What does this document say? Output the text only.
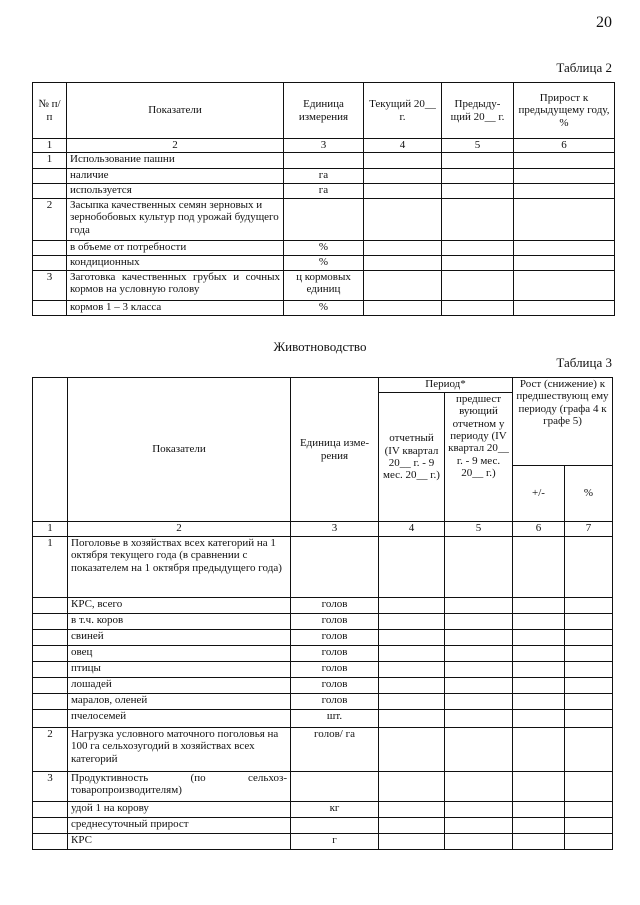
20
Таблица 2
№ п/п	Показатели	Единица измерения	Текущий 20__ г.	Предыду-щий 20__ г.	Прирост к предыдущему году, %
1	2	3	4	5	6
1	Использование пашни				
	наличие	га			
	используется	га			
2	Засыпка качественных семян зерновых и зернобобовых культур под урожай будущего года				
	в объеме от потребности	%			
	кондиционных	%			
3	Заготовка качественных грубых и сочных кормов на условную голову	ц кормовых единиц			
	кормов 1 – 3 класса	%			
Животноводство
Таблица 3
	Показатели	Единица изме-рения	Период*		Рост (снижение) к предшествующ ему периоду (графа 4 к графе 5)	
			отчетный (IV квартал 20__ г. - 9 мес. 20__ г.)	предшест вующий отчетном у периоду (IV квартал 20__ г. - 9 мес. 20__ г.)		
					+/-	%
1	2	3	4	5	6	7
1	Поголовье в хозяйствах всех категорий на 1 октября текущего года (в сравнении с показателем на 1 октября предыдущего года)					
	КРС, всего	голов				
	в т.ч. коров	голов				
	свиней	голов				
	овец	голов				
	птицы	голов				
	лошадей	голов				
	маралов, оленей	голов				
	пчелосемей	шт.				
2	Нагрузка условного маточного поголовья на 100 га сельхозугодий в хозяйствах всех категорий	голов/ га				
3	Продуктивность (по сельхоз-товаропроизводителям)					
	удой 1 на корову	кг				
	среднесуточный прирост					
	КРС	г				
